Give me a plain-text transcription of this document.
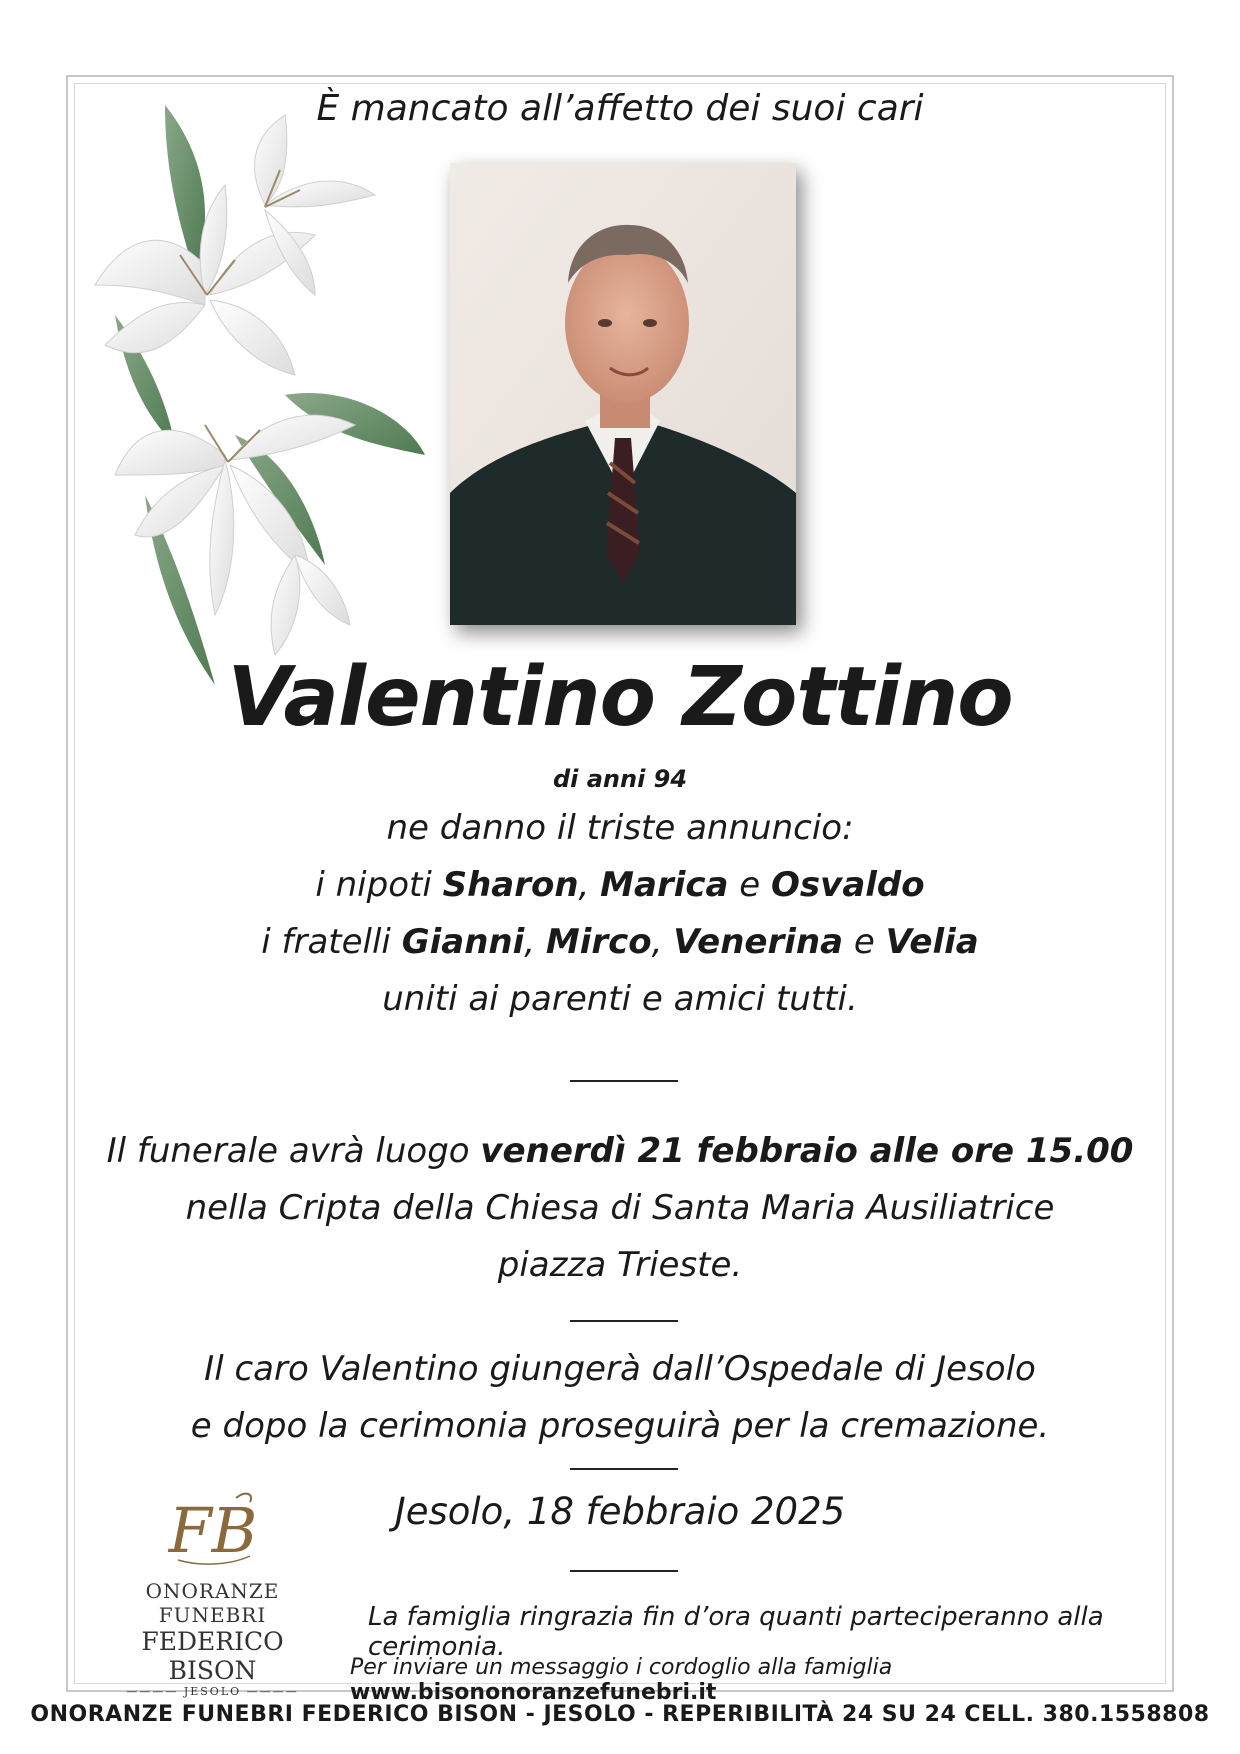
È mancato all’affetto dei suoi cari
Valentino Zottino
di anni 94
ne danno il triste annuncio:
i nipoti Sharon, Marica e Osvaldo
i fratelli Gianni, Mirco, Venerina e Velia
uniti ai parenti e amici tutti.
Il funerale avrà luogo venerdì 21 febbraio alle ore 15.00
nella Cripta della Chiesa di Santa Maria Ausiliatrice
piazza Trieste.
Il caro Valentino giungerà dall’Ospedale di Jesolo
e dopo la cerimonia proseguirà per la cremazione.
Jesolo, 18 febbraio 2025
FB
ONORANZE FUNEBRI
FEDERICO BISON
———— JESOLO ————
La famiglia ringrazia fin d’ora quanti parteciperanno alla cerimonia.
Per inviare un messaggio i cordoglio alla famiglia www.bisononoranzefunebri.it
ONORANZE FUNEBRI FEDERICO BISON - JESOLO - REPERIBILITÀ 24 SU 24 CELL. 380.1558808
